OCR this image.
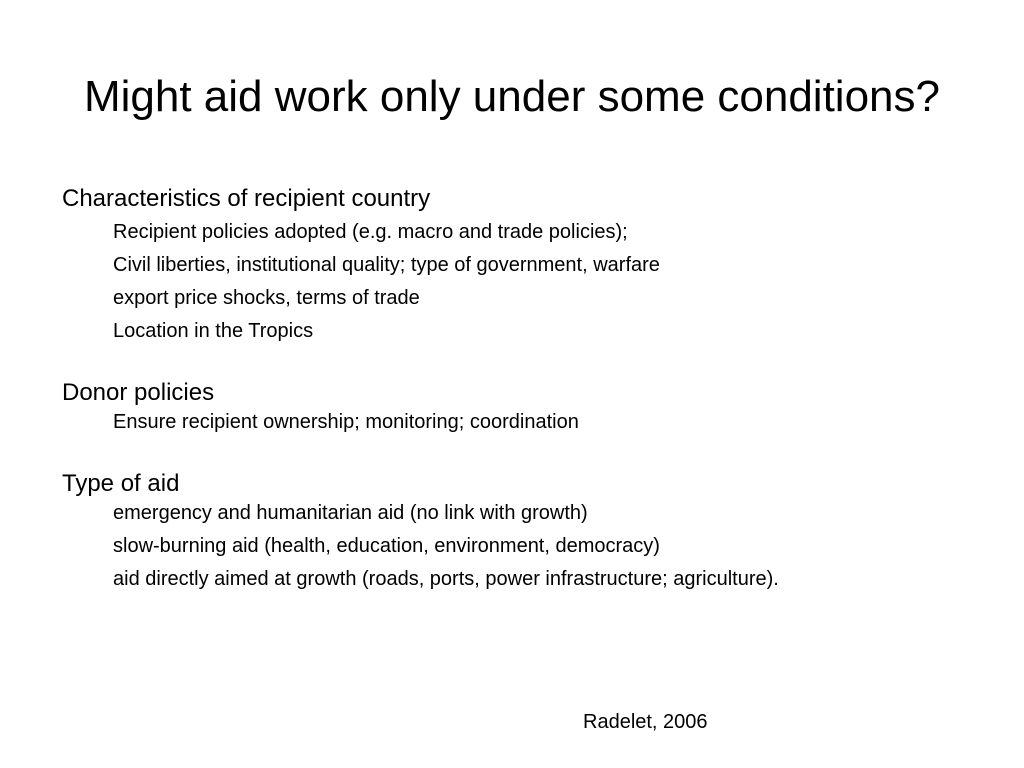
Might aid work only under some conditions?
Characteristics of recipient country
Recipient policies adopted (e.g. macro and trade policies);
Civil liberties, institutional quality; type of government, warfare
export price shocks, terms of trade
Location in the Tropics
Donor policies
Ensure recipient ownership; monitoring; coordination
Type of aid
emergency and humanitarian aid (no link with growth)
slow-burning aid (health, education, environment, democracy)
aid directly aimed at growth (roads, ports, power infrastructure; agriculture).
Radelet, 2006
